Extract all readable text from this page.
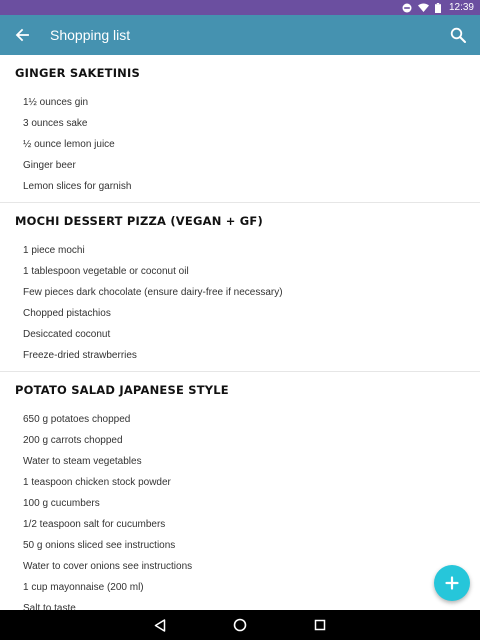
12:39
Shopping list
GINGER SAKETINIS
1½ ounces gin
3 ounces sake
½ ounce lemon juice
Ginger beer
Lemon slices for garnish
MOCHI DESSERT PIZZA (VEGAN + GF)
1 piece mochi
1 tablespoon vegetable or coconut oil
Few pieces dark chocolate (ensure dairy-free if necessary)
Chopped pistachios
Desiccated coconut
Freeze-dried strawberries
POTATO SALAD JAPANESE STYLE
650 g potatoes chopped
200 g carrots chopped
Water to steam vegetables
1 teaspoon chicken stock powder
100 g cucumbers
1/2 teaspoon salt for cucumbers
50 g onions sliced see instructions
Water to cover onions see instructions
1 cup mayonnaise (200 ml)
Salt to taste
